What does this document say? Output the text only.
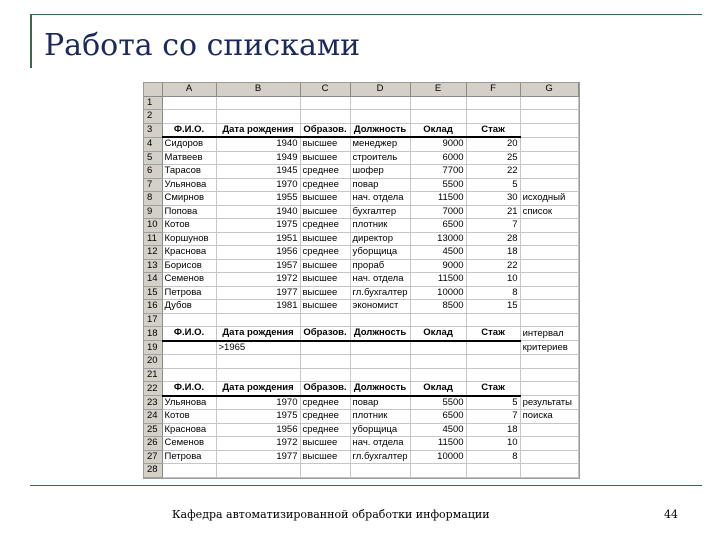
Работа со списками
	A	B	C	D	E	F	G
1							
2							
3	Ф.И.О.	Дата рождения	Образов.	Должность	Оклад	Стаж	
4	Сидоров	1940	высшее	менеджер	9000	20	
5	Матвеев	1949	высшее	строитель	6000	25	
6	Тарасов	1945	среднее	шофер	7700	22	
7	Ульянова	1970	среднее	повар	5500	5	
8	Смирнов	1955	высшее	нач. отдела	11500	30	исходный
9	Попова	1940	высшее	бухгалтер	7000	21	список
10	Котов	1975	среднее	плотник	6500	7	
11	Коршунов	1951	высшее	директор	13000	28	
12	Краснова	1956	среднее	уборщица	4500	18	
13	Борисов	1957	высшее	прораб	9000	22	
14	Семенов	1972	высшее	нач. отдела	11500	10	
15	Петрова	1977	высшее	гл.бухгалтер	10000	8	
16	Дубов	1981	высшее	экономист	8500	15	
17							
18	Ф.И.О.	Дата рождения	Образов.	Должность	Оклад	Стаж	интервал
19		>1965					критериев
20							
21							
22	Ф.И.О.	Дата рождения	Образов.	Должность	Оклад	Стаж	
23	Ульянова	1970	среднее	повар	5500	5	результаты
24	Котов	1975	среднее	плотник	6500	7	поиска
25	Краснова	1956	среднее	уборщица	4500	18	
26	Семенов	1972	высшее	нач. отдела	11500	10	
27	Петрова	1977	высшее	гл.бухгалтер	10000	8	
28							
Кафедра автоматизированной обработки информации	44
